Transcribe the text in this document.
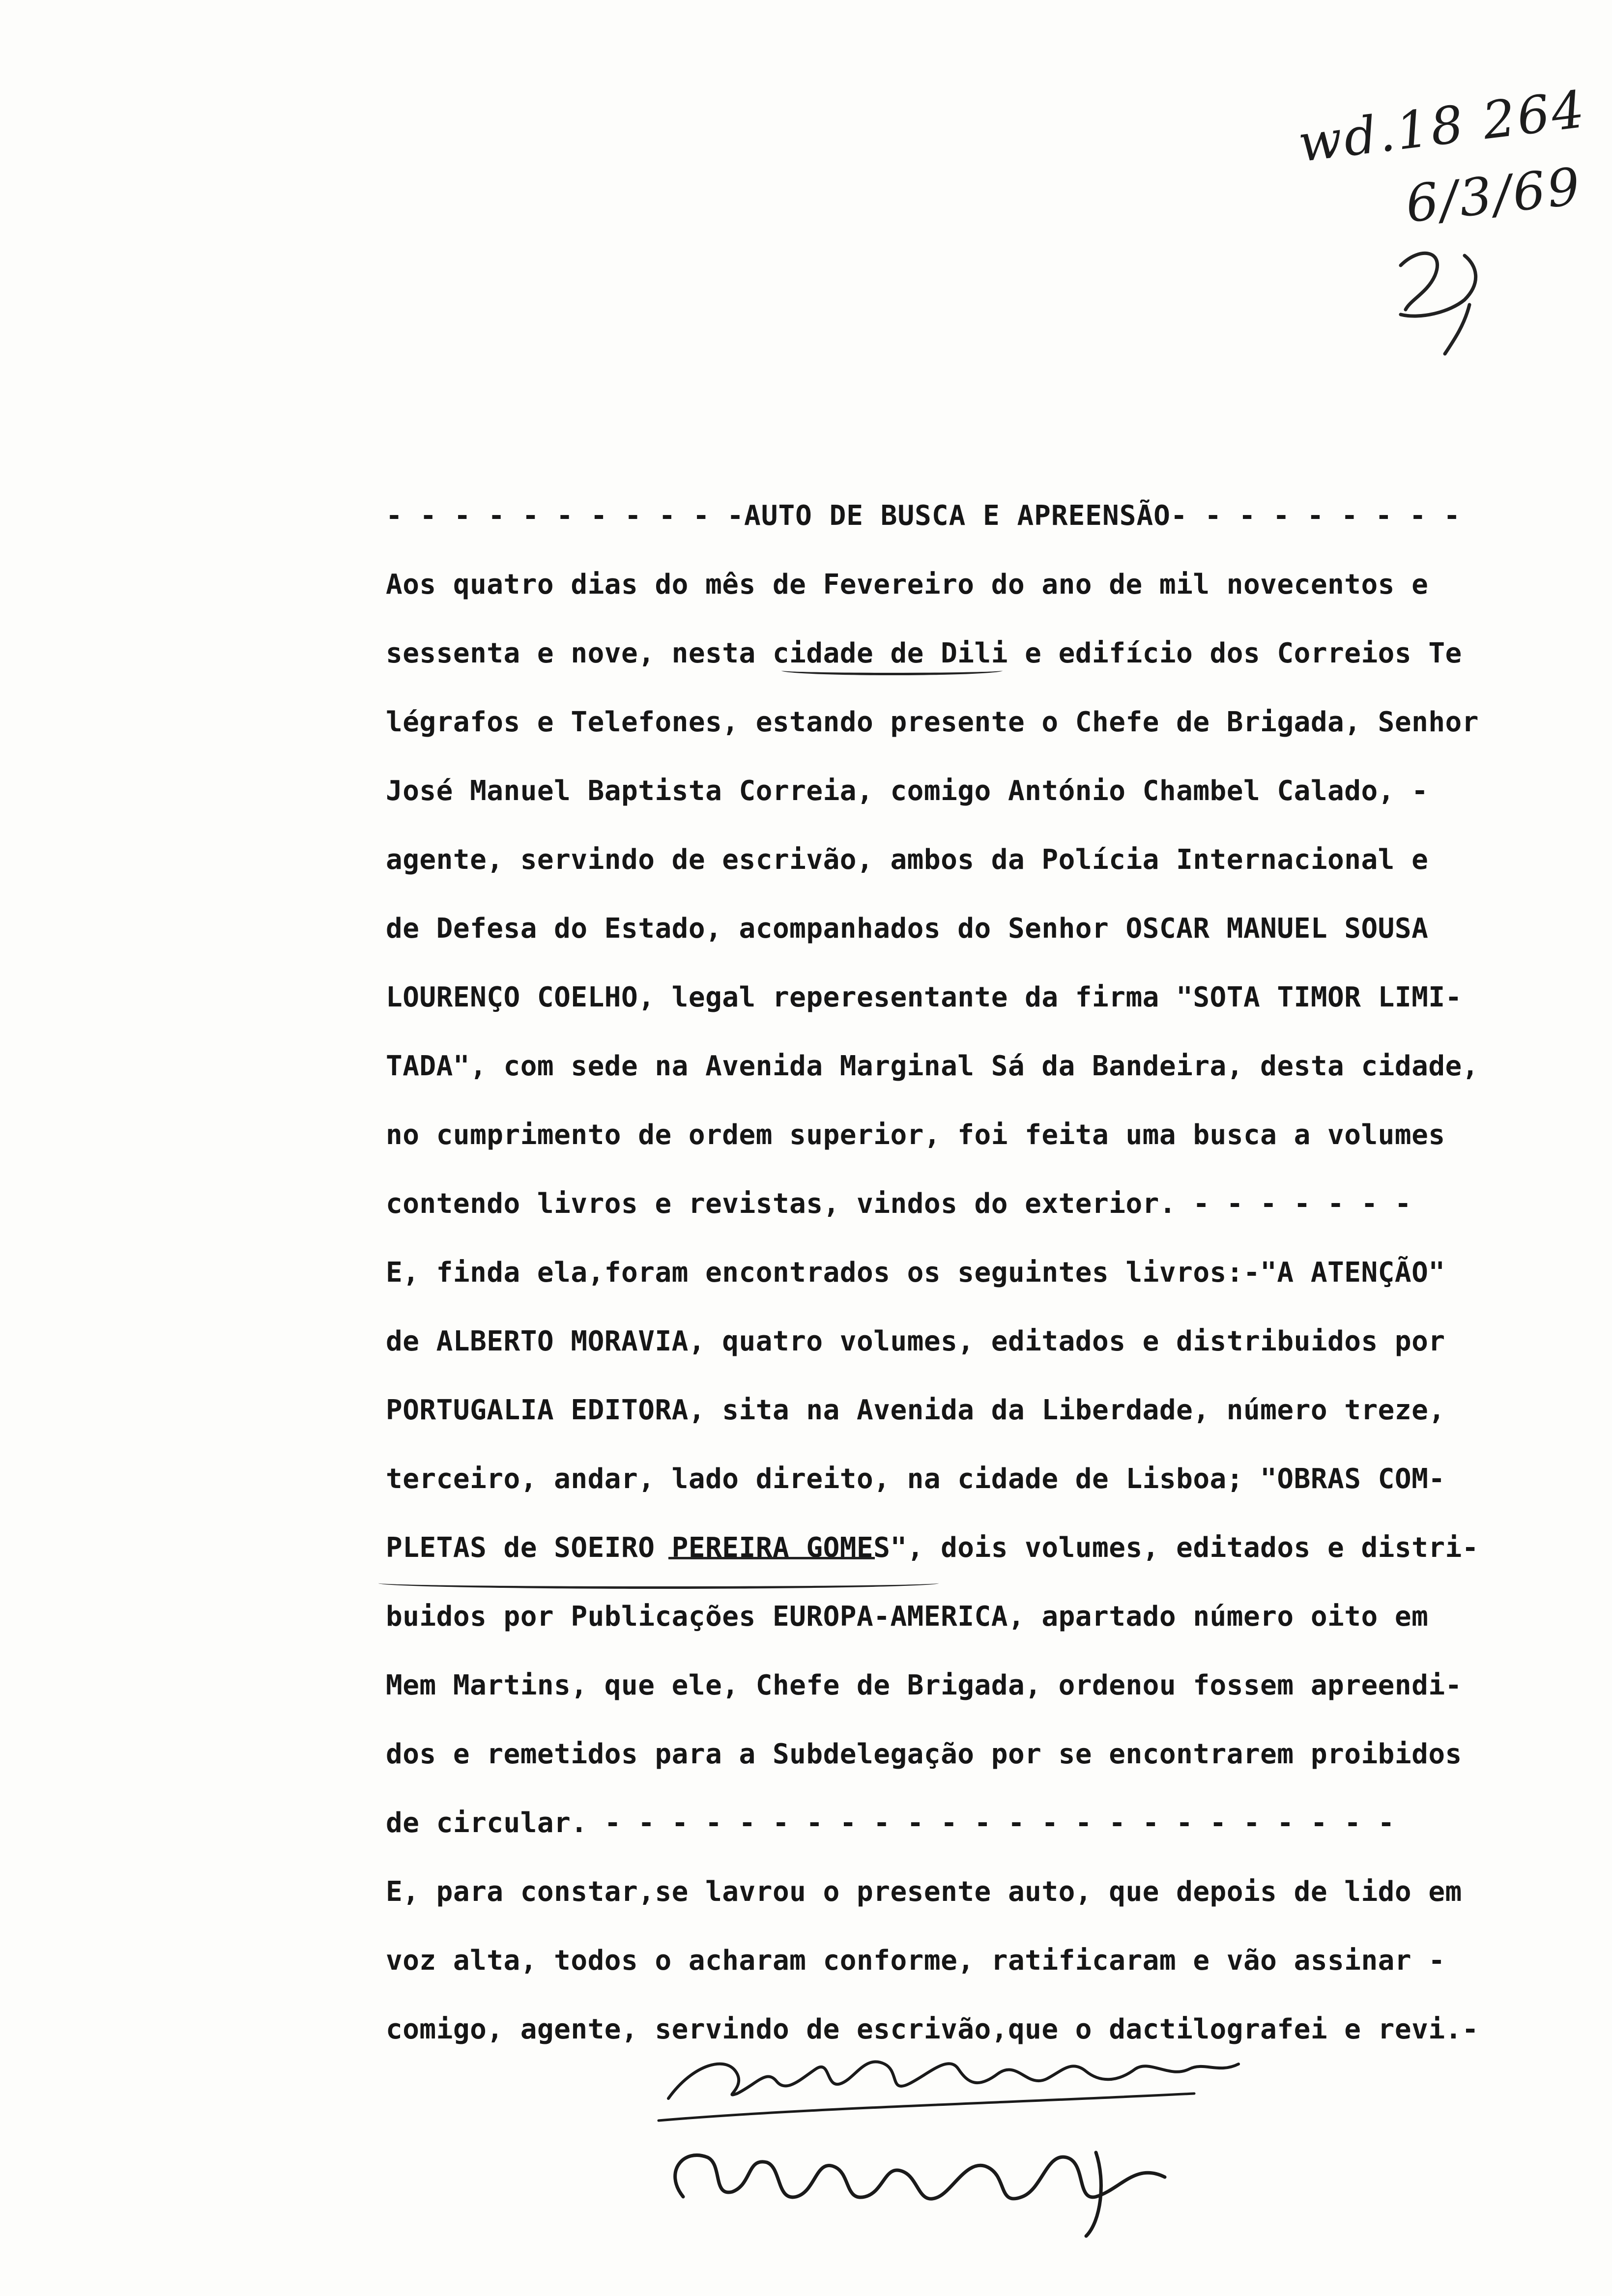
wd.18 264
6/3/69
- - - - - - - - - - -AUTO DE BUSCA E APREENSÃO- - - - - - - - -
Aos quatro dias do mês de Fevereiro do ano de mil novecentos e
sessenta e nove, nesta cidade de Dili e edifício dos Correios Te
légrafos e Telefones, estando presente o Chefe de Brigada, Senhor
José Manuel Baptista Correia, comigo António Chambel Calado, -
agente, servindo de escrivão, ambos da Polícia Internacional e
de Defesa do Estado, acompanhados do Senhor OSCAR MANUEL SOUSA
LOURENÇO COELHO, legal reperesentante da firma "SOTA TIMOR LIMI-
TADA", com sede na Avenida Marginal Sá da Bandeira, desta cidade,
no cumprimento de ordem superior, foi feita uma busca a volumes
contendo livros e revistas, vindos do exterior. - - - - - - -
E, finda ela,foram encontrados os seguintes livros:-"A ATENÇÃO"
de ALBERTO MORAVIA, quatro volumes, editados e distribuidos por
PORTUGALIA EDITORA, sita na Avenida da Liberdade, número treze,
terceiro, andar, lado direito, na cidade de Lisboa; "OBRAS COM-
PLETAS de SOEIRO PEREIRA GOMES", dois volumes, editados e distri-
buidos por Publicações EUROPA-AMERICA, apartado número oito em
Mem Martins, que ele, Chefe de Brigada, ordenou fossem apreendi-
dos e remetidos para a Subdelegação por se encontrarem proibidos
de circular. - - - - - - - - - - - - - - - - - - - - - - - -
E, para constar,se lavrou o presente auto, que depois de lido em
voz alta, todos o acharam conforme, ratificaram e vão assinar -
comigo, agente, servindo de escrivão,que o dactilografei e revi.-
